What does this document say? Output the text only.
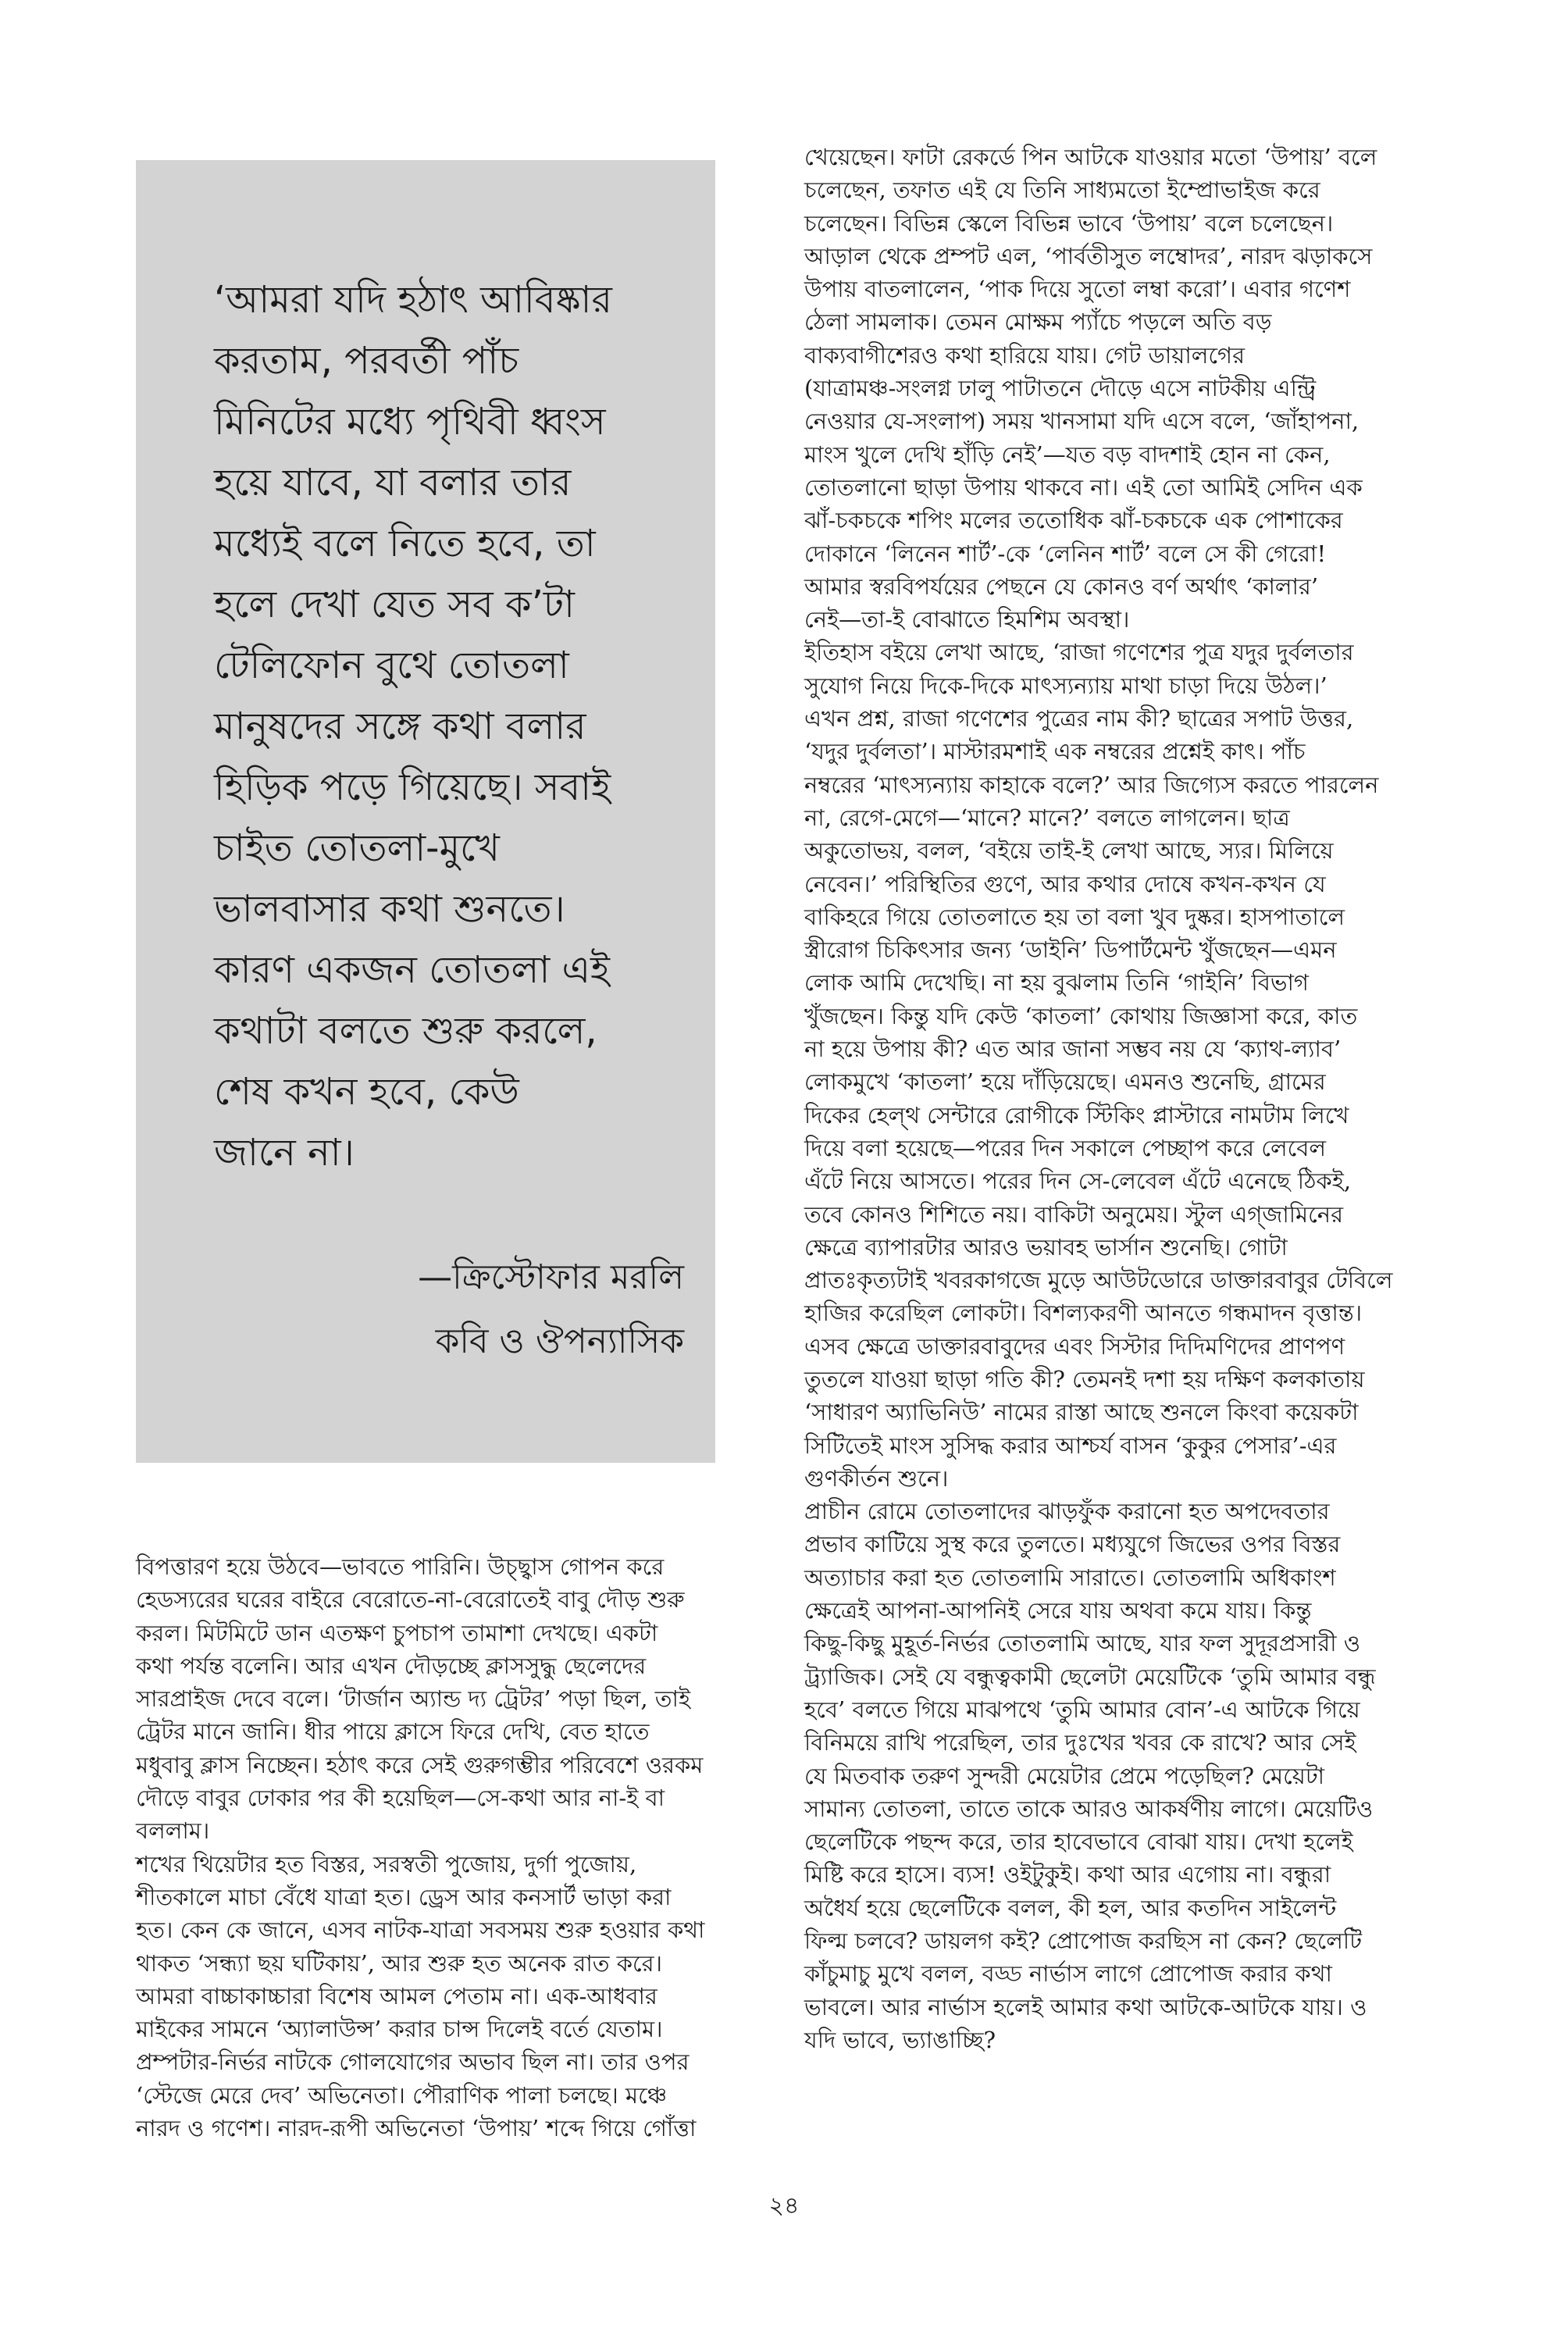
‘আমরা যদি হঠাৎ আবিষ্কার
করতাম, পরবর্তী পাঁচ
মিনিটের মধ্যে পৃথিবী ধ্বংস
হয়ে যাবে, যা বলার তার
মধ্যেই বলে নিতে হবে, তা
হলে দেখা যেত সব ক’টা
টেলিফোন বুথে তোতলা
মানুষদের সঙ্গে কথা বলার
হিড়িক পড়ে গিয়েছে। সবাই
চাইত তোতলা-মুখে
ভালবাসার কথা শুনতে।
কারণ একজন তোতলা এই
কথাটা বলতে শুরু করলে,
শেষ কখন হবে, কেউ
জানে না।
—ক্রিস্টোফার মরলি
কবি ও ঔপন্যাসিক
বিপত্তারণ হয়ে উঠবে—ভাবতে পারিনি। উচ্ছ্বাস গোপন করে
হেডস্যরের ঘরের বাইরে বেরোতে-না-বেরোতেই বাবু দৌড় শুরু
করল। মিটমিটে ডান এতক্ষণ চুপচাপ তামাশা দেখছে। একটা
কথা পর্যন্ত বলেনি। আর এখন দৌড়চ্ছে ক্লাসসুদ্ধু ছেলেদের
সারপ্রাইজ দেবে বলে। ‘টার্জান অ্যান্ড দ্য ট্রেটর’ পড়া ছিল, তাই
ট্রেটর মানে জানি। ধীর পায়ে ক্লাসে ফিরে দেখি, বেত হাতে
মধুবাবু ক্লাস নিচ্ছেন। হঠাৎ করে সেই গুরুগম্ভীর পরিবেশে ওরকম
দৌড়ে বাবুর ঢোকার পর কী হয়েছিল—সে-কথা আর না-ই বা
বললাম।
শখের থিয়েটার হত বিস্তর, সরস্বতী পুজোয়, দুর্গা পুজোয়,
শীতকালে মাচা বেঁধে যাত্রা হত। ড্রেস আর কনসার্ট ভাড়া করা
হত। কেন কে জানে, এসব নাটক-যাত্রা সবসময় শুরু হওয়ার কথা
থাকত ‘সন্ধ্যা ছয় ঘটিকায়’, আর শুরু হত অনেক রাত করে।
আমরা বাচ্চাকাচ্চারা বিশেষ আমল পেতাম না। এক-আধবার
মাইকের সামনে ‘অ্যালাউন্স’ করার চান্স দিলেই বর্তে যেতাম।
প্রম্পটার-নির্ভর নাটকে গোলযোগের অভাব ছিল না। তার ওপর
‘স্টেজে মেরে দেব’ অভিনেতা। পৌরাণিক পালা চলছে। মঞ্চে
নারদ ও গণেশ। নারদ-রূপী অভিনেতা ‘উপায়’ শব্দে গিয়ে গোঁত্তা
খেয়েছেন। ফাটা রেকর্ডে পিন আটকে যাওয়ার মতো ‘উপায়’ বলে
চলেছেন, তফাত এই যে তিনি সাধ্যমতো ইম্প্রোভাইজ করে
চলেছেন। বিভিন্ন স্কেলে বিভিন্ন ভাবে ‘উপায়’ বলে চলেছেন।
আড়াল থেকে প্রম্পট এল, ‘পার্বতীসুত লম্বোদর’, নারদ ঝড়াকসে
উপায় বাতলালেন, ‘পাক দিয়ে সুতো লম্বা করো’। এবার গণেশ
ঠেলা সামলাক। তেমন মোক্ষম প্যাঁচে পড়লে অতি বড়
বাক্যবাগীশেরও কথা হারিয়ে যায়। গেট ডায়ালগের
(যাত্রামঞ্চ-সংলগ্ন ঢালু পাটাতনে দৌড়ে এসে নাটকীয় এন্ট্রি
নেওয়ার যে-সংলাপ) সময় খানসামা যদি এসে বলে, ‘জাঁহাপনা,
মাংস খুলে দেখি হাঁড়ি নেই’—যত বড় বাদশাই হোন না কেন,
তোতলানো ছাড়া উপায় থাকবে না। এই তো আমিই সেদিন এক
ঝাঁ-চকচকে শপিং মলের ততোধিক ঝাঁ-চকচকে এক পোশাকের
দোকানে ‘লিনেন শার্ট’-কে ‘লেনিন শার্ট’ বলে সে কী গেরো!
আমার স্বরবিপর্যয়ের পেছনে যে কোনও বর্ণ অর্থাৎ ‘কালার’
নেই—তা-ই বোঝাতে হিমশিম অবস্থা।
ইতিহাস বইয়ে লেখা আছে, ‘রাজা গণেশের পুত্র যদুর দুর্বলতার
সুযোগ নিয়ে দিকে-দিকে মাৎস্যন্যায় মাথা চাড়া দিয়ে উঠল।’
এখন প্রশ্ন, রাজা গণেশের পুত্রের নাম কী? ছাত্রের সপাট উত্তর,
‘যদুর দুর্বলতা’। মাস্টারমশাই এক নম্বরের প্রশ্নেই কাৎ। পাঁচ
নম্বরের ‘মাৎস্যন্যায় কাহাকে বলে?’ আর জিগ্যেস করতে পারলেন
না, রেগে-মেগে—‘মানে? মানে?’ বলতে লাগলেন। ছাত্র
অকুতোভয়, বলল, ‘বইয়ে তাই-ই লেখা আছে, স্যর। মিলিয়ে
নেবেন।’ পরিস্থিতির গুণে, আর কথার দোষে কখন-কখন যে
বাকিহরে গিয়ে তোতলাতে হয় তা বলা খুব দুষ্কর। হাসপাতালে
স্ত্রীরোগ চিকিৎসার জন্য ‘ডাইনি’ ডিপার্টমেন্ট খুঁজছেন—এমন
লোক আমি দেখেছি। না হয় বুঝলাম তিনি ‘গাইনি’ বিভাগ
খুঁজছেন। কিন্তু যদি কেউ ‘কাতলা’ কোথায় জিজ্ঞাসা করে, কাত
না হয়ে উপায় কী? এত আর জানা সম্ভব নয় যে ‘ক্যাথ-ল্যাব’
লোকমুখে ‘কাতলা’ হয়ে দাঁড়িয়েছে। এমনও শুনেছি, গ্রামের
দিকের হেল্থ সেন্টারে রোগীকে স্টিকিং প্লাস্টারে নামটাম লিখে
দিয়ে বলা হয়েছে—পরের দিন সকালে পেচ্ছাপ করে লেবেল
এঁটে নিয়ে আসতে। পরের দিন সে-লেবেল এঁটে এনেছে ঠিকই,
তবে কোনও শিশিতে নয়। বাকিটা অনুমেয়। স্টুল এগ্‌জামিনের
ক্ষেত্রে ব্যাপারটার আরও ভয়াবহ ভার্সান শুনেছি। গোটা
প্রাতঃকৃত্যটাই খবরকাগজে মুড়ে আউটডোরে ডাক্তারবাবুর টেবিলে
হাজির করেছিল লোকটা। বিশল্যকরণী আনতে গন্ধমাদন বৃত্তান্ত।
এসব ক্ষেত্রে ডাক্তারবাবুদের এবং সিস্টার দিদিমণিদের প্রাণপণ
তুতলে যাওয়া ছাড়া গতি কী? তেমনই দশা হয় দক্ষিণ কলকাতায়
‘সাধারণ অ্যাভিনিউ’ নামের রাস্তা আছে শুনলে কিংবা কয়েকটা
সিটিতেই মাংস সুসিদ্ধ করার আশ্চর্য বাসন ‘কুকুর পেসার’-এর
গুণকীর্তন শুনে।
প্রাচীন রোমে তোতলাদের ঝাড়ফুঁক করানো হত অপদেবতার
প্রভাব কাটিয়ে সুস্থ করে তুলতে। মধ্যযুগে জিভের ওপর বিস্তর
অত্যাচার করা হত তোতলামি সারাতে। তোতলামি অধিকাংশ
ক্ষেত্রেই আপনা-আপনিই সেরে যায় অথবা কমে যায়। কিন্তু
কিছু-কিছু মুহূর্ত-নির্ভর তোতলামি আছে, যার ফল সুদূরপ্রসারী ও
ট্র্যাজিক। সেই যে বন্ধুত্বকামী ছেলেটা মেয়েটিকে ‘তুমি আমার বন্ধু
হবে’ বলতে গিয়ে মাঝপথে ‘তুমি আমার বোন’-এ আটকে গিয়ে
বিনিময়ে রাখি পরেছিল, তার দুঃখের খবর কে রাখে? আর সেই
যে মিতবাক তরুণ সুন্দরী মেয়েটার প্রেমে পড়েছিল? মেয়েটা
সামান্য তোতলা, তাতে তাকে আরও আকর্ষণীয় লাগে। মেয়েটিও
ছেলেটিকে পছন্দ করে, তার হাবেভাবে বোঝা যায়। দেখা হলেই
মিষ্টি করে হাসে। ব্যস! ওইটুকুই। কথা আর এগোয় না। বন্ধুরা
অধৈর্য হয়ে ছেলেটিকে বলল, কী হল, আর কতদিন সাইলেন্ট
ফিল্ম চলবে? ডায়লগ কই? প্রোপোজ করছিস না কেন? ছেলেটি
কাঁচুমাচু মুখে বলল, বড্ড নার্ভাস লাগে প্রোপোজ করার কথা
ভাবলে। আর নার্ভাস হলেই আমার কথা আটকে-আটকে যায়। ও
যদি ভাবে, ভ্যাঙাচ্ছি?
২৪
